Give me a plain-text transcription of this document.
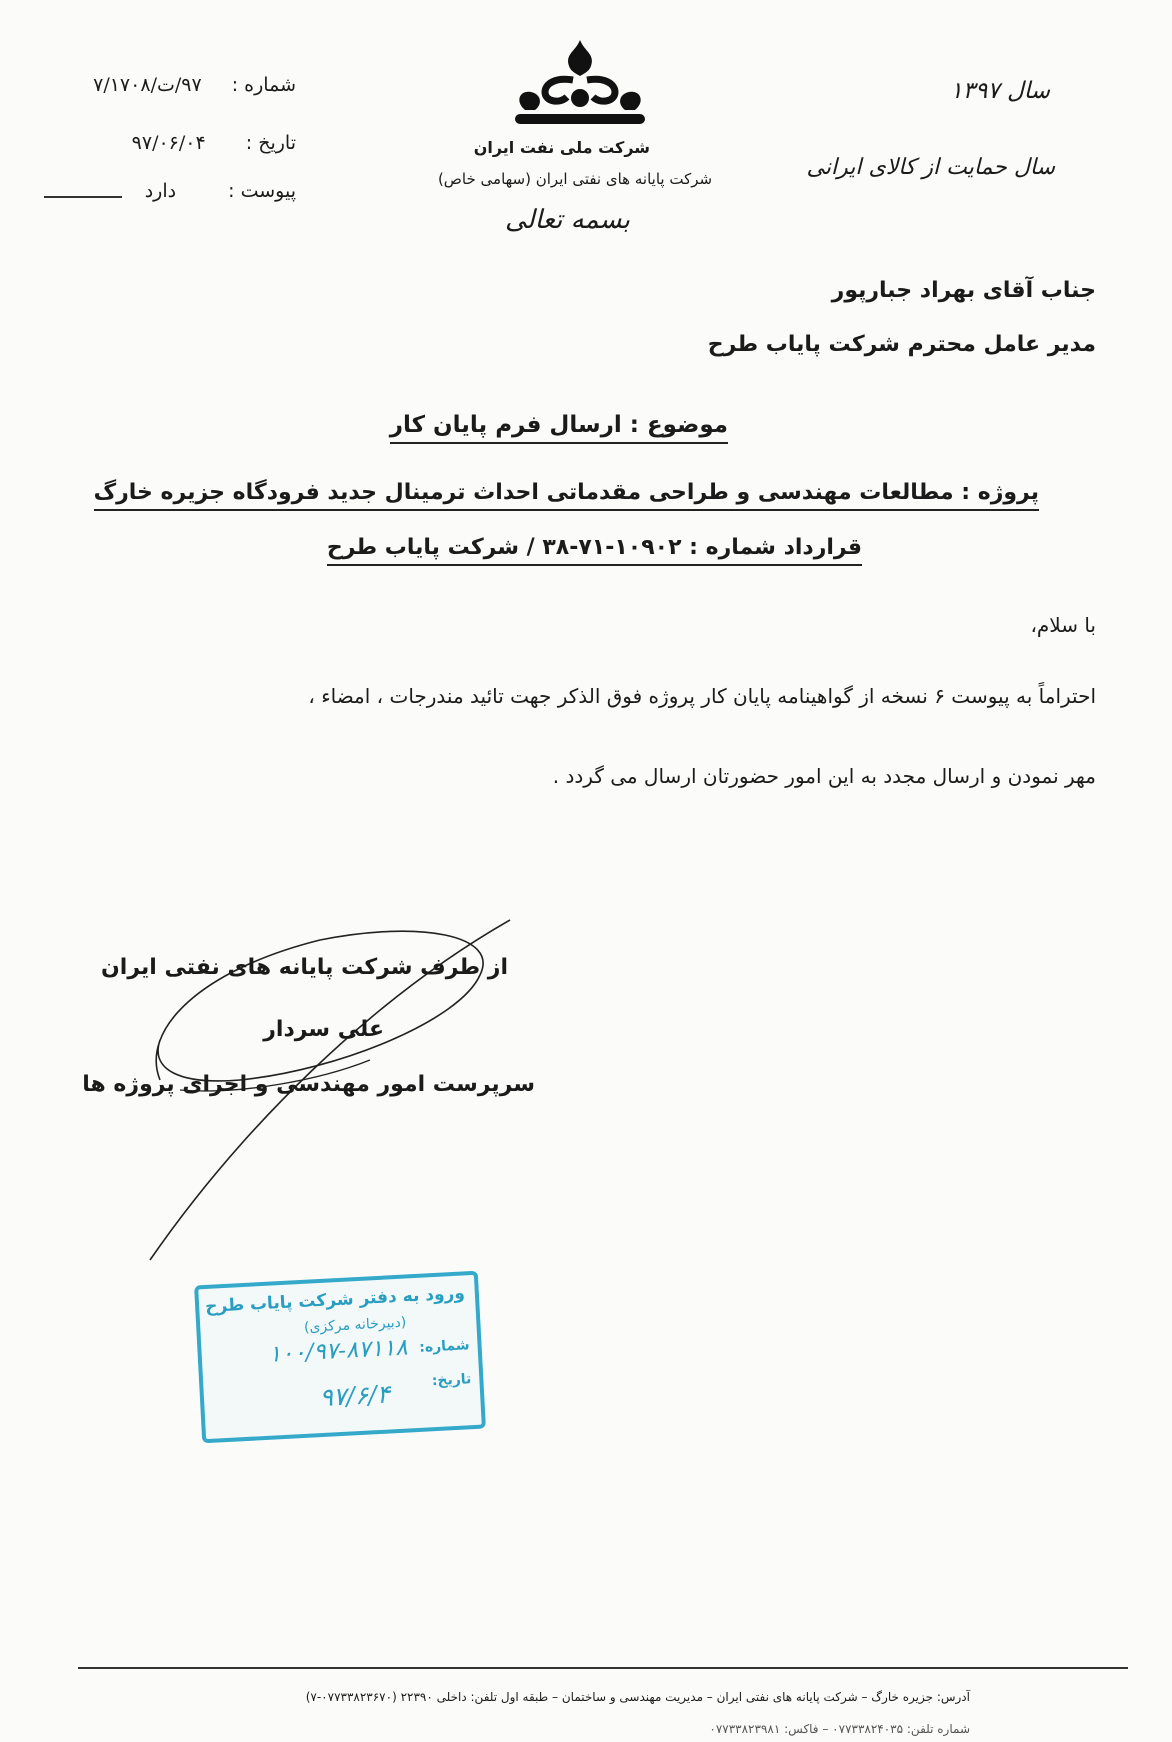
شماره : ۹۷/ت/۷/۱۷۰۸
تاریخ : ۹۷/۰۶/۰۴
پیوست : دارد
شرکت ملی نفت ایران
شرکت پایانه های نفتی ایران (سهامی خاص)
بسمه تعالی
سال ۱۳۹۷
سال حمایت از کالای ایرانی
جناب آقای بهراد جبارپور
مدیر عامل محترم شرکت پایاب طرح
موضوع : ارسال فرم پایان کار
پروژه : مطالعات مهندسی و طراحی مقدماتی احداث ترمینال جدید فرودگاه جزیره خارگ
قرارداد شماره : ۱۰۹۰۲-۷۱-۳۸ / شرکت پایاب طرح
با سلام،
احتراماً به پیوست ۶ نسخه از گواهینامه پایان کار پروژه فوق الذکر جهت تائید مندرجات ، امضاء ،
مهر نمودن و ارسال مجدد به این امور حضورتان ارسال می گردد .
از طرف شرکت پایانه های نفتی ایران
علی سردار
سرپرست امور مهندسی و اجرای پروژه ها
ورود به دفتر شرکت پایاب طرح
(دبیرخانه مرکزی)
شماره:
۱۰۰/۹۷-۸۷۱۱۸
تاریخ:
۹۷/۶/۴
آدرس: جزیره خارگ – شرکت پایانه های نفتی ایران – مدیریت مهندسی و ساختمان – طبقه اول تلفن: داخلی ۲۲۳۹۰ (۰۷۷۳۳۸۲۳۶۷۰-۷)
شماره تلفن: ۰۷۷۳۳۸۲۴۰۳۵ – فاکس: ۰۷۷۳۳۸۲۳۹۸۱
